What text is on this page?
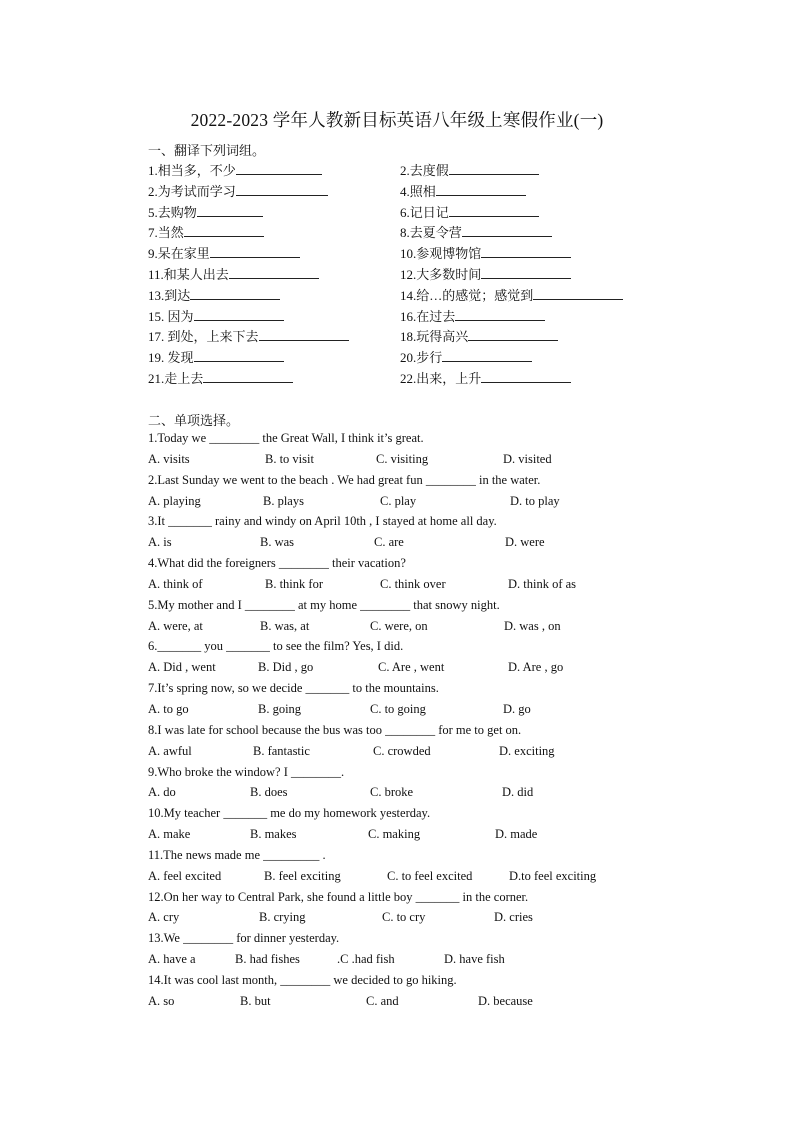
2022-2023 学年人教新目标英语八年级上寒假作业(一)
一、翻译下列词组。
1.相当多，不少	2.去度假
2.为考试而学习	4.照相
5.去购物	6.记日记
7.当然	8.去夏令营
9.呆在家里	10.参观博物馆
11.和某人出去	12.大多数时间
13.到达	14.给…的感觉；感觉到
15. 因为	16.在过去
17. 到处，上来下去	18.玩得高兴
19. 发现	20.步行
21.走上去	22.出来，上升
二、单项选择。
1.Today we ________ the Great Wall, I think it’s great.
A. visits	B. to visit	C. visiting	D. visited
2.Last Sunday we went to the beach . We had great fun ________ in the water.
A. playing	B. plays	C. play	D. to play
3.It _______ rainy and windy on April 10th , I stayed at home all day.
A. is	B. was	C. are	D. were
4.What did the foreigners ________ their vacation?
A. think of	B. think for	C. think over	D. think of as
5.My mother and I ________ at my home ________ that snowy night.
A. were, at	B. was, at	C. were, on	D. was , on
6._______ you _______ to see the film? Yes, I did.
A. Did , went	B. Did , go	C. Are , went	D. Are , go
7.It’s spring now, so we decide _______ to the mountains.
A. to go	B. going	C. to going	D. go
8.I was late for school because the bus was too ________ for me to get on.
A. awful	B. fantastic	C. crowded	D. exciting
9.Who broke the window? I ________.
A. do	B. does	C. broke	D. did
10.My teacher _______ me do my homework yesterday.
A. make	B. makes	C. making	D. made
11.The news made me _________ .
A. feel excited	B. feel exciting	C. to feel excited	D.to feel exciting
12.On her way to Central Park, she found a little boy _______ in the corner.
A. cry	B. crying	C. to cry	D. cries
13.We ________ for dinner yesterday.
A. have a	B. had fishes	.C .had fish	D. have fish
14.It was cool last month, ________ we decided to go hiking.
A. so	B. but	C. and	D. because
